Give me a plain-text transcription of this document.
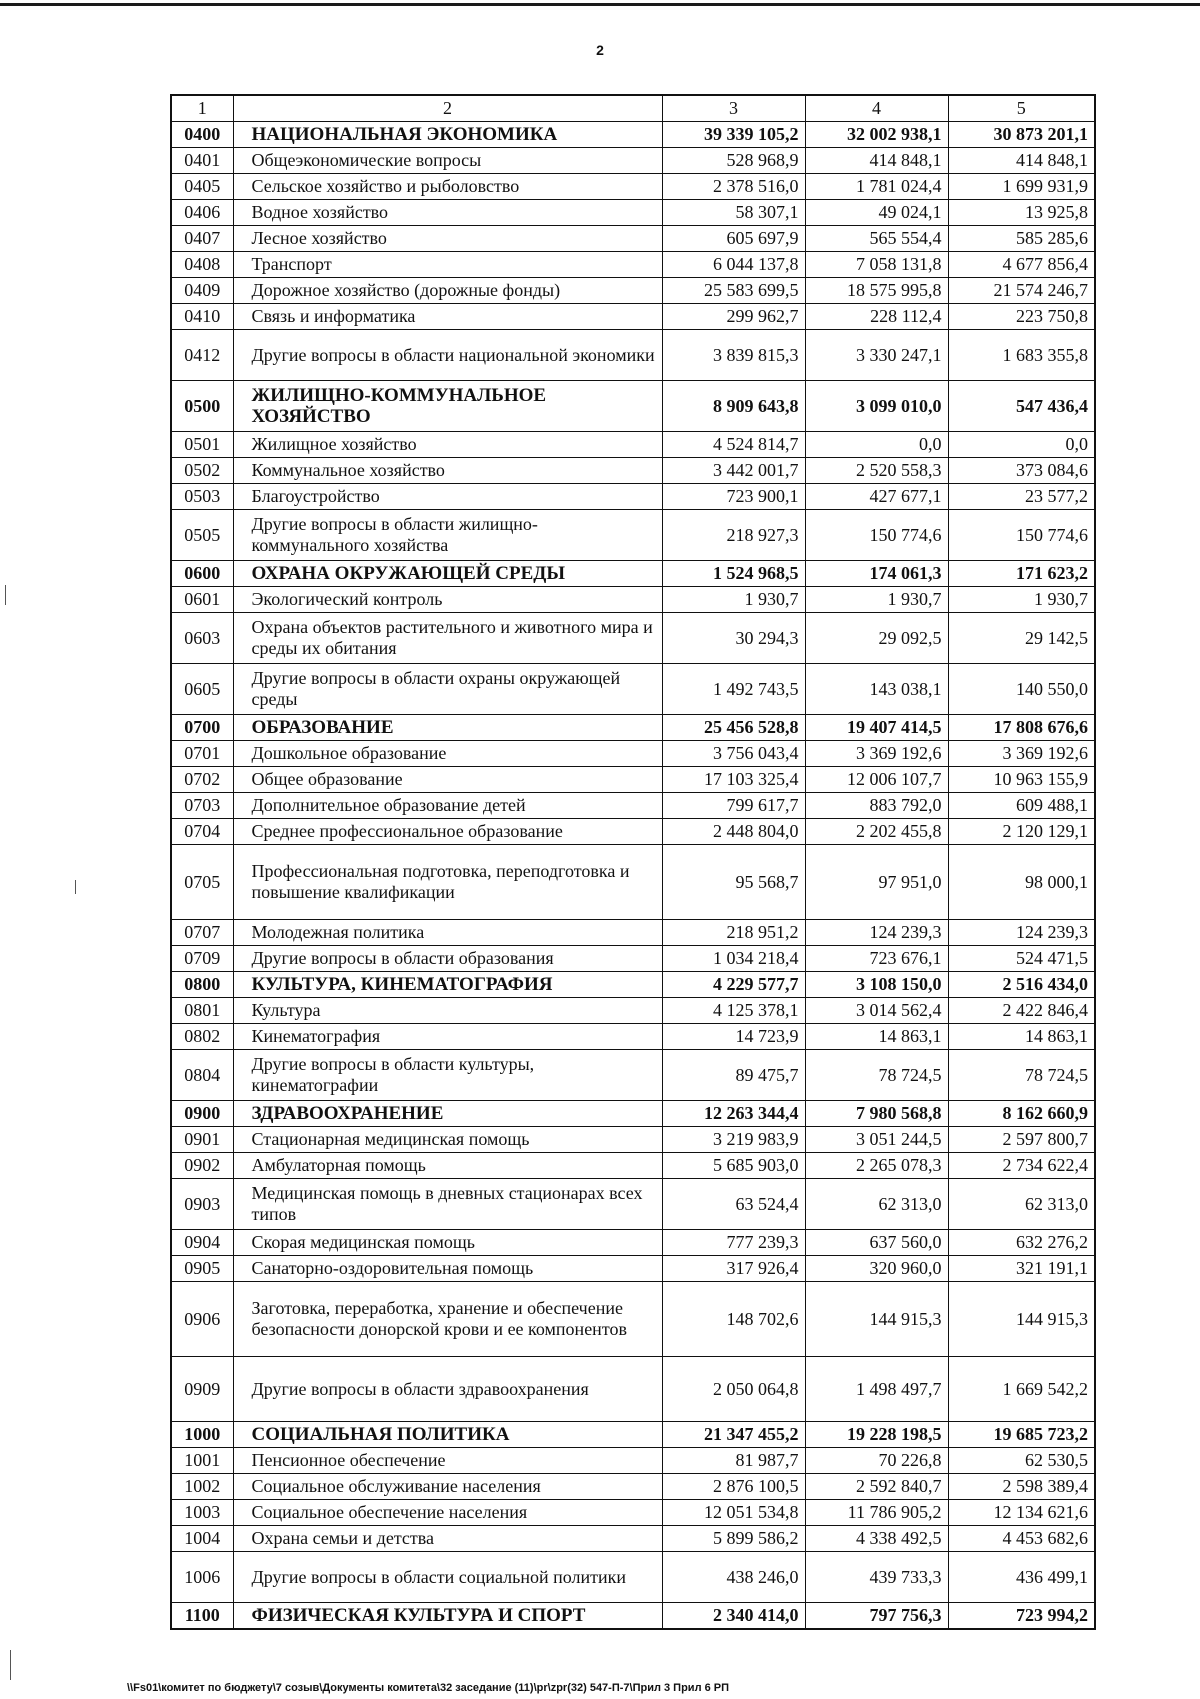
2
1	2	3	4	5
0400	НАЦИОНАЛЬНАЯ ЭКОНОМИКА	39 339 105,2	32 002 938,1	30 873 201,1
0401	Общеэкономические вопросы	528 968,9	414 848,1	414 848,1
0405	Сельское хозяйство и рыболовство	2 378 516,0	1 781 024,4	1 699 931,9
0406	Водное хозяйство	58 307,1	49 024,1	13 925,8
0407	Лесное хозяйство	605 697,9	565 554,4	585 285,6
0408	Транспорт	6 044 137,8	7 058 131,8	4 677 856,4
0409	Дорожное хозяйство (дорожные фонды)	25 583 699,5	18 575 995,8	21 574 246,7
0410	Связь и информатика	299 962,7	228 112,4	223 750,8
0412	Другие вопросы в области национальной экономики	3 839 815,3	3 330 247,1	1 683 355,8
0500	ЖИЛИЩНО-КОММУНАЛЬНОЕ ХОЗЯЙСТВО	8 909 643,8	3 099 010,0	547 436,4
0501	Жилищное хозяйство	4 524 814,7	0,0	0,0
0502	Коммунальное хозяйство	3 442 001,7	2 520 558,3	373 084,6
0503	Благоустройство	723 900,1	427 677,1	23 577,2
0505	Другие вопросы в области жилищно-коммунального хозяйства	218 927,3	150 774,6	150 774,6
0600	ОХРАНА ОКРУЖАЮЩЕЙ СРЕДЫ	1 524 968,5	174 061,3	171 623,2
0601	Экологический контроль	1 930,7	1 930,7	1 930,7
0603	Охрана объектов растительного и животного мира и среды их обитания	30 294,3	29 092,5	29 142,5
0605	Другие вопросы в области охраны окружающей среды	1 492 743,5	143 038,1	140 550,0
0700	ОБРАЗОВАНИЕ	25 456 528,8	19 407 414,5	17 808 676,6
0701	Дошкольное образование	3 756 043,4	3 369 192,6	3 369 192,6
0702	Общее образование	17 103 325,4	12 006 107,7	10 963 155,9
0703	Дополнительное образование детей	799 617,7	883 792,0	609 488,1
0704	Среднее профессиональное образование	2 448 804,0	2 202 455,8	2 120 129,1
0705	Профессиональная подготовка, переподготовка и повышение квалификации	95 568,7	97 951,0	98 000,1
0707	Молодежная политика	218 951,2	124 239,3	124 239,3
0709	Другие вопросы в области образования	1 034 218,4	723 676,1	524 471,5
0800	КУЛЬТУРА, КИНЕМАТОГРАФИЯ	4 229 577,7	3 108 150,0	2 516 434,0
0801	Культура	4 125 378,1	3 014 562,4	2 422 846,4
0802	Кинематография	14 723,9	14 863,1	14 863,1
0804	Другие вопросы в области культуры, кинематографии	89 475,7	78 724,5	78 724,5
0900	ЗДРАВООХРАНЕНИЕ	12 263 344,4	7 980 568,8	8 162 660,9
0901	Стационарная медицинская помощь	3 219 983,9	3 051 244,5	2 597 800,7
0902	Амбулаторная помощь	5 685 903,0	2 265 078,3	2 734 622,4
0903	Медицинская помощь в дневных стационарах всех типов	63 524,4	62 313,0	62 313,0
0904	Скорая медицинская помощь	777 239,3	637 560,0	632 276,2
0905	Санаторно-оздоровительная помощь	317 926,4	320 960,0	321 191,1
0906	Заготовка, переработка, хранение и обеспечение безопасности донорской крови и ее компонентов	148 702,6	144 915,3	144 915,3
0909	Другие вопросы в области здравоохранения	2 050 064,8	1 498 497,7	1 669 542,2
1000	СОЦИАЛЬНАЯ ПОЛИТИКА	21 347 455,2	19 228 198,5	19 685 723,2
1001	Пенсионное обеспечение	81 987,7	70 226,8	62 530,5
1002	Социальное обслуживание населения	2 876 100,5	2 592 840,7	2 598 389,4
1003	Социальное обеспечение населения	12 051 534,8	11 786 905,2	12 134 621,6
1004	Охрана семьи и детства	5 899 586,2	4 338 492,5	4 453 682,6
1006	Другие вопросы в области социальной политики	438 246,0	439 733,3	436 499,1
1100	ФИЗИЧЕСКАЯ КУЛЬТУРА И СПОРТ	2 340 414,0	797 756,3	723 994,2
\\Fs01\комитет по бюджету\7 созыв\Документы комитета\32 заседание (11)\pr\zpr(32) 547-П-7\Прил 3 Прил 6 РП
